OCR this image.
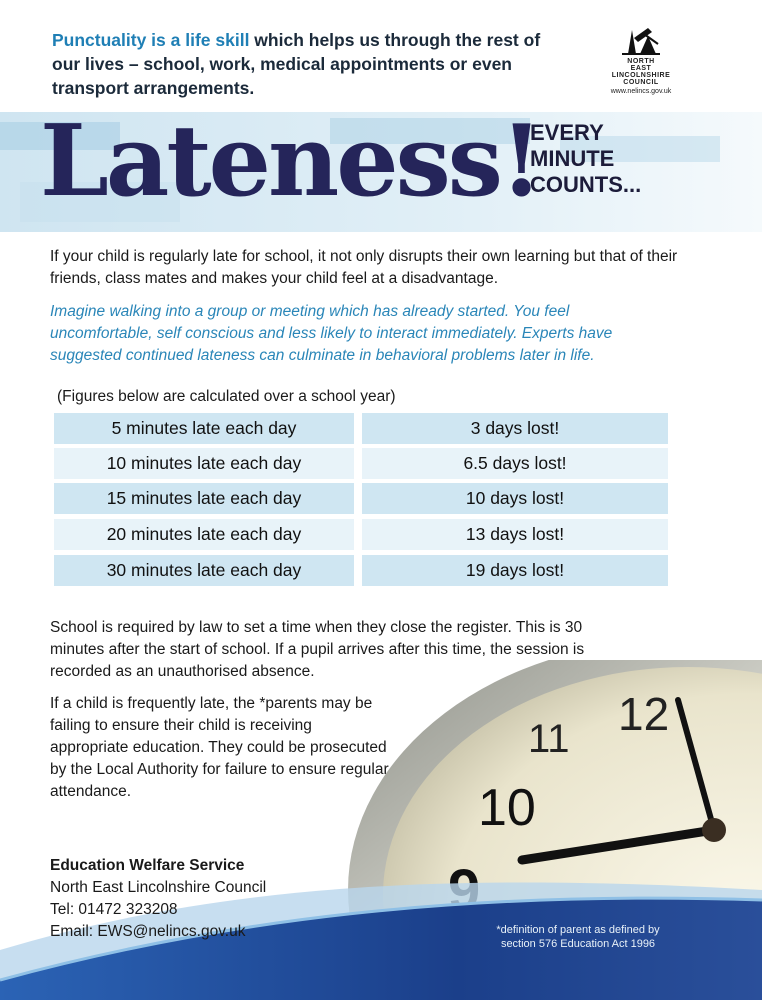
Punctuality is a life skill which helps us through the rest of our lives – school, work, medical appointments or even transport arrangements.
NORTH
EAST
LINCOLNSHIRE
COUNCIL
www.nelincs.gov.uk
Lateness!
EVERY
MINUTE
COUNTS...
If your child is regularly late for school, it not only disrupts their own learning but that of their friends, class mates and makes your child feel at a disadvantage.
Imagine walking into a group or meeting which has already started. You feel uncomfortable, self conscious and less likely to interact immediately. Experts have suggested continued lateness can culminate in behavioral problems later in life.
(Figures below are calculated over a school year)
5 minutes late each day	3 days lost!
10 minutes late each day	6.5 days lost!
15 minutes late each day	10 days lost!
20 minutes late each day	13 days lost!
30 minutes late each day	19 days lost!
School is required by law to set a time when they close the register. This is 30 minutes after the start of school. If a pupil arrives after this time, the session is recorded as an unauthorised absence.
If a child is frequently late, the *parents may be failing to ensure their child is receiving appropriate education. They could be prosecuted by the Local Authority for failure to ensure regular attendance.
11 12
10
Education Welfare Service
North East Lincolnshire Council
Tel: 01472 323208
Email: EWS@nelincs.gov.uk	*definition of parent as defined by section 576 Education Act 1996
